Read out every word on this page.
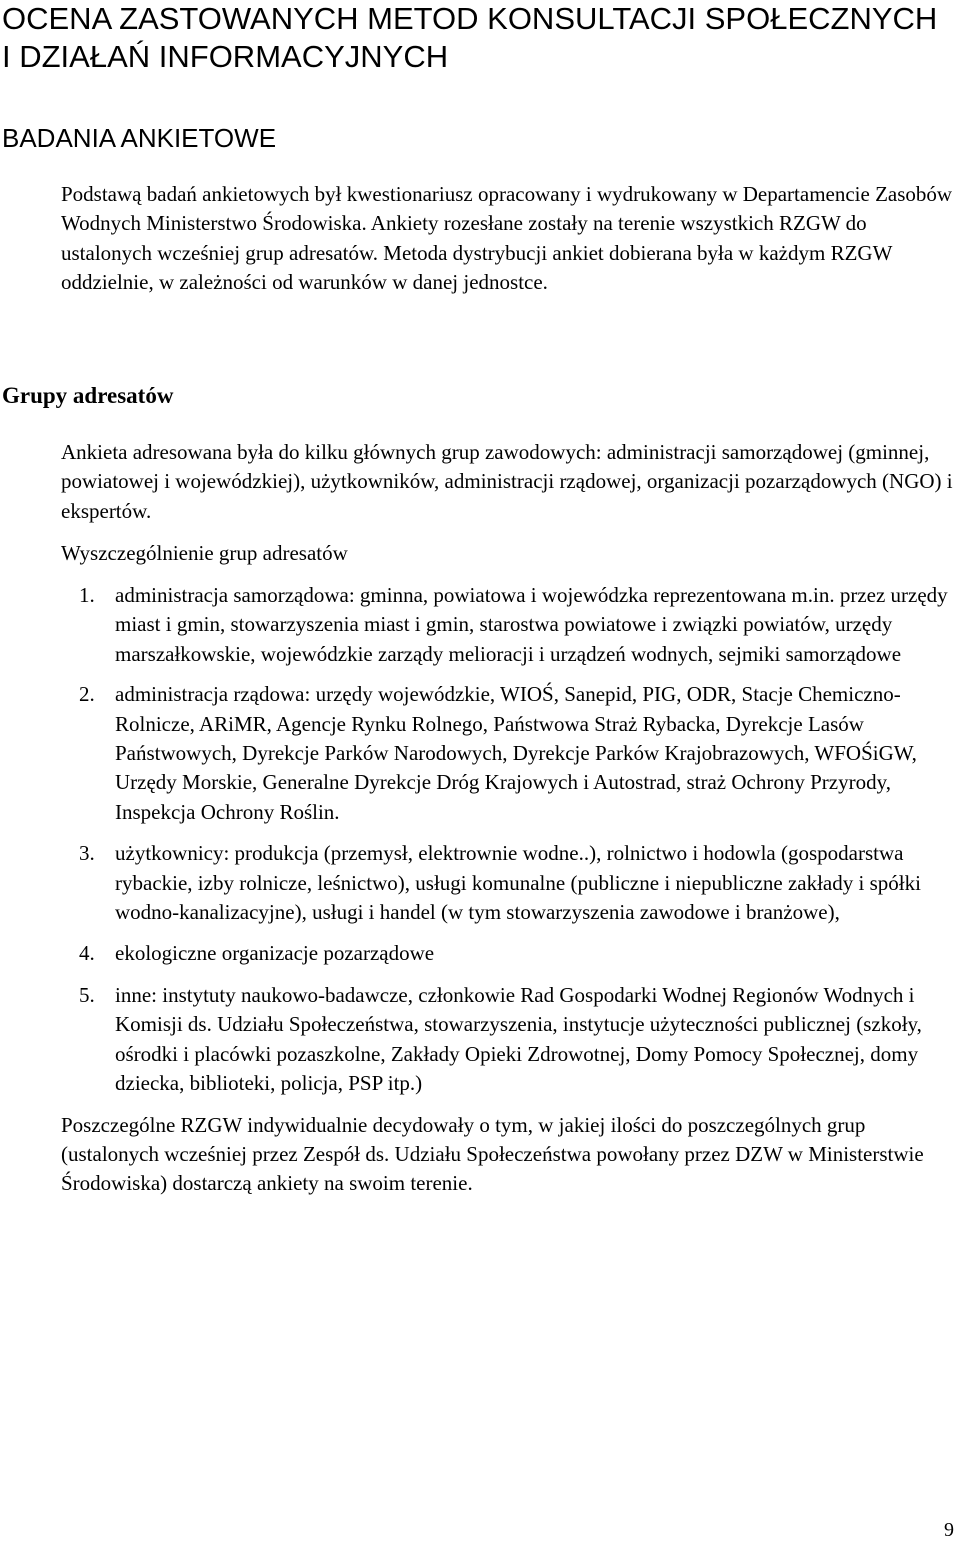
OCENA ZASTOWANYCH METOD KONSULTACJI SPOŁECZNYCH I DZIAŁAŃ INFORMACYJNYCH
BADANIA ANKIETOWE

Podstawą badań ankietowych był kwestionariusz opracowany i wydrukowany w Departamencie Zasobów Wodnych Ministerstwo Środowiska. Ankiety rozesłane zostały na terenie wszystkich RZGW do ustalonych wcześniej grup adresatów. Metoda dystrybucji ankiet dobierana była w każdym RZGW oddzielnie, w zależności od warunków w danej jednostce.

Grupy adresatów

Ankieta adresowana była do kilku głównych grup zawodowych: administracji samorządowej (gminnej, powiatowej i wojewódzkiej), użytkowników, administracji rządowej, organizacji pozarządowych (NGO) i ekspertów.

Wyszczególnienie grup adresatów

1. administracja samorządowa: gminna, powiatowa i wojewódzka reprezentowana m.in. przez urzędy miast i gmin, stowarzyszenia miast i gmin, starostwa powiatowe i związki powiatów, urzędy marszałkowskie, wojewódzkie zarządy melioracji i urządzeń wodnych, sejmiki samorządowe
2. administracja rządowa: urzędy wojewódzkie, WIOŚ, Sanepid, PIG, ODR, Stacje Chemiczno-Rolnicze, ARiMR, Agencje Rynku Rolnego, Państwowa Straż Rybacka, Dyrekcje Lasów Państwowych, Dyrekcje Parków Narodowych, Dyrekcje Parków Krajobrazowych, WFOŚiGW, Urzędy Morskie, Generalne Dyrekcje Dróg Krajowych i Autostrad, straż Ochrony Przyrody, Inspekcja Ochrony Roślin.
3. użytkownicy: produkcja (przemysł, elektrownie wodne..), rolnictwo i hodowla (gospodarstwa rybackie, izby rolnicze, leśnictwo), usługi komunalne (publiczne i niepubliczne zakłady i spółki wodno-kanalizacyjne), usługi i handel (w tym stowarzyszenia zawodowe i branżowe),
4. ekologiczne organizacje pozarządowe
5. inne: instytuty naukowo-badawcze, członkowie Rad Gospodarki Wodnej Regionów Wodnych i Komisji ds. Udziału Społeczeństwa, stowarzyszenia, instytucje użyteczności publicznej (szkoły, ośrodki i placówki pozaszkolne, Zakłady Opieki Zdrowotnej, Domy Pomocy Społecznej, domy dziecka, biblioteki, policja, PSP itp.)

Poszczególne RZGW indywidualnie decydowały o tym, w jakiej ilości do poszczególnych grup (ustalonych wcześniej przez Zespół ds. Udziału Społeczeństwa powołany przez DZW w Ministerstwie Środowiska) dostarczą ankiety na swoim terenie.

9
